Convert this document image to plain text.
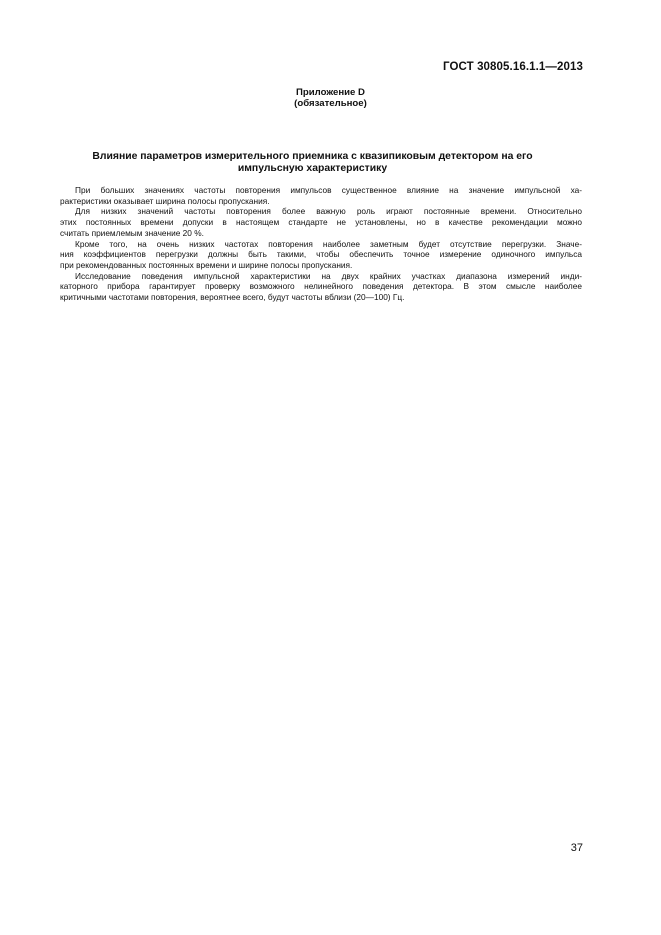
ГОСТ 30805.16.1.1—2013
Приложение D
(обязательное)
Влияние параметров измерительного приемника с квазипиковым детектором на его
импульсную характеристику
При больших значениях частоты повторения импульсов существенное влияние на значение импульсной ха-
рактеристики оказывает ширина полосы пропускания.
Для низких значений частоты повторения более важную роль играют постоянные времени. Относительно
этих постоянных времени допуски в настоящем стандарте не установлены, но в качестве рекомендации можно
считать приемлемым значение 20 %.
Кроме того, на очень низких частотах повторения наиболее заметным будет отсутствие перегрузки. Значе-
ния коэффициентов перегрузки должны быть такими, чтобы обеспечить точное измерение одиночного импульса
при рекомендованных постоянных времени и ширине полосы пропускания.
Исследование поведения импульсной характеристики на двух крайних участках диапазона измерений инди-
каторного прибора гарантирует проверку возможного нелинейного поведения детектора. В этом смысле наиболее
критичными частотами повторения, вероятнее всего, будут частоты вблизи (20—100) Гц.
37
